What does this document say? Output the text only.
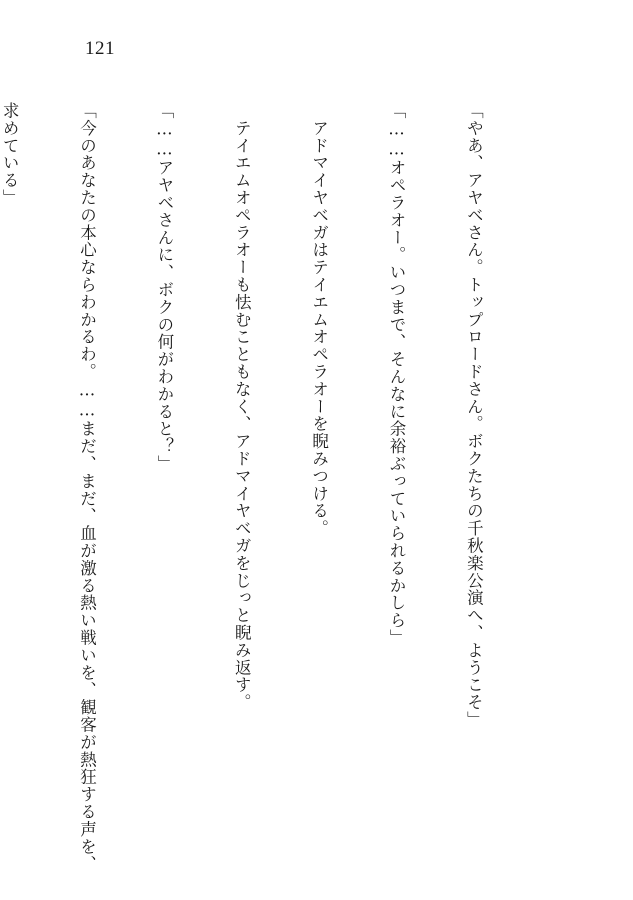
121

「やあ、アヤベさん。トップロードさん。ボクたちの千秋楽公演へ、ようこそ」

「……オペラオー。いつまで、そんなに余裕ぶっていられるかしら」

　アドマイヤベガはテイエムオペラオーを睨みつける。

　テイエムオペラオーも怯むこともなく、アドマイヤベガをじっと睨み返す。

「……アヤベさんに、ボクの何がわかると？」

「今のあなたの本心ならわかるわ。……まだ、まだ、血が激る熱い戦いを、観客が熱狂する声を、

求めている」
